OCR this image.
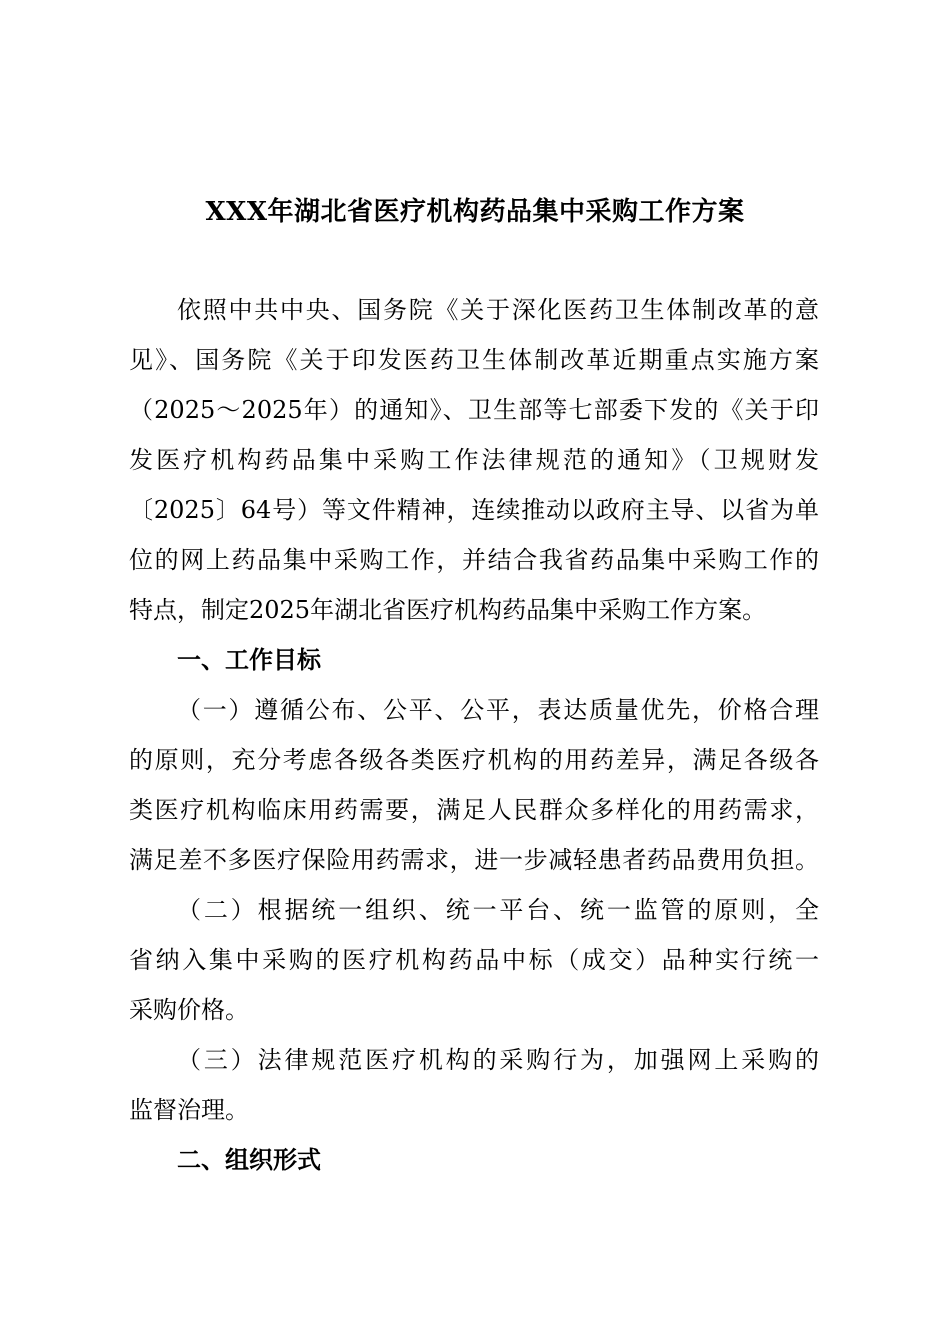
XXX年湖北省医疗机构药品集中采购工作方案
依照中共中央、国务院《关于深化医药卫生体制改革的意
见》、国务院《关于印发医药卫生体制改革近期重点实施方案
（2025～2025年）的通知》、卫生部等七部委下发的《关于印
发医疗机构药品集中采购工作法律规范的通知》（卫规财发
〔2025〕64号）等文件精神，连续推动以政府主导、以省为单
位的网上药品集中采购工作，并结合我省药品集中采购工作的
特点，制定2025年湖北省医疗机构药品集中采购工作方案。
一、工作目标
（一）遵循公布、公平、公平，表达质量优先，价格合理
的原则，充分考虑各级各类医疗机构的用药差异，满足各级各
类医疗机构临床用药需要，满足人民群众多样化的用药需求，
满足差不多医疗保险用药需求，进一步减轻患者药品费用负担。
（二）根据统一组织、统一平台、统一监管的原则，全
省纳入集中采购的医疗机构药品中标（成交）品种实行统一
采购价格。
（三）法律规范医疗机构的采购行为，加强网上采购的
监督治理。
二、组织形式
